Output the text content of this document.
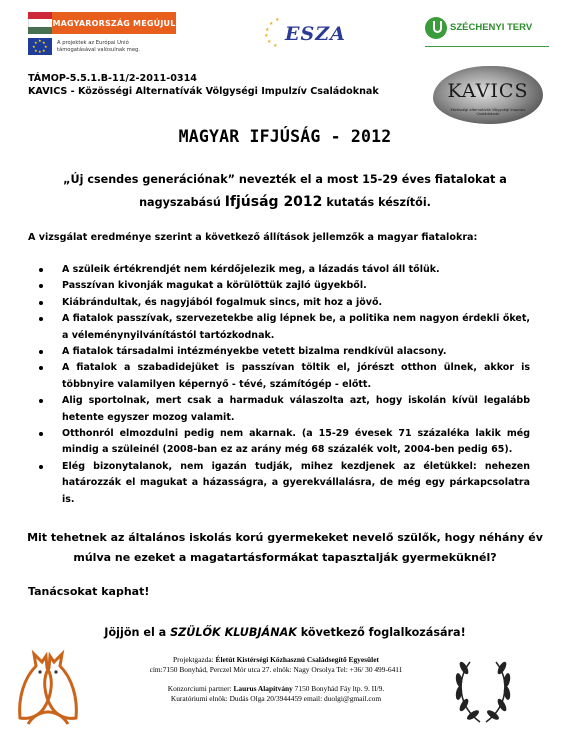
MAGYARORSZÁG MEGÚJUL
★ ★
★
★
★
★
★
★	A projektek az Európai Unió
támogatásával valósulnak meg.
★
★
★
★
★
★
ESZA	SZÉCHENYI TERV
TÁMOP-5.5.1.B-11/2-2011-0314
KAVICS - Közösségi Alternatívák Völgységi Impulzív Családoknak	KAVICS
Közösségi alternatívák Völgységi Impulzív Családoknak
MAGYAR IFJÚSÁG - 2012
„Új csendes generációnak” nevezték el a most 15-29 éves fiatalokat a nagyszabású Ifjúság 2012 kutatás készítői.
A vizsgálat eredménye szerint a következő állítások jellemzők a magyar fiatalokra:
A szüleik értékrendjét nem kérdőjelezik meg, a lázadás távol áll tőlük.
Passzívan kivonják magukat a körülöttük zajló ügyekből.
Kiábrándultak, és nagyjából fogalmuk sincs, mit hoz a jövő.
A fiatalok passzívak, szervezetekbe alig lépnek be, a politika nem nagyon érdekli őket, a véleménynyilvánítástól tartózkodnak.
A fiatalok társadalmi intézményekbe vetett bizalma rendkívül alacsony.
A fiatalok a szabadidejüket is passzívan töltik el, jórészt otthon ülnek, akkor is többnyire valamilyen képernyő - tévé, számítógép - előtt.
Alig sportolnak, mert csak a harmaduk válaszolta azt, hogy iskolán kívül legalább hetente egyszer mozog valamit.
Otthonról elmozdulni pedig nem akarnak. (a 15-29 évesek 71 százaléka lakik még mindig a szüleinél (2008-ban ez az arány még 68 százalék volt, 2004-ben pedig 65).
Elég bizonytalanok, nem igazán tudják, mihez kezdjenek az életükkel: nehezen határozzák el magukat a házasságra, a gyerekvállalásra, de még egy párkapcsolatra is.
Mit tehetnek az általános iskolás korú gyermekeket nevelő szülők, hogy néhány év múlva ne ezeket a magatartásformákat tapasztalják gyermeküknél?
Tanácsokat kaphat!
Jöjjön el a SZÜLŐK KLUBJÁNAK következő foglalkozására!
Projektgazda: Életút Kistérségi Közhasznú Családsegítő Egyesület
cím:7150 Bonyhád, Perczel Mór utca 27. elnök: Nagy Orsolya Tel: +36/ 30 499-6411
Konzorciumi partner: Laurus Alapítvány 7150 Bonyhád Fáy ltp. 9. II/9.
Kuratóriumi elnök: Dudás Olga 20/3944459 email: duolgi@gmail.com
